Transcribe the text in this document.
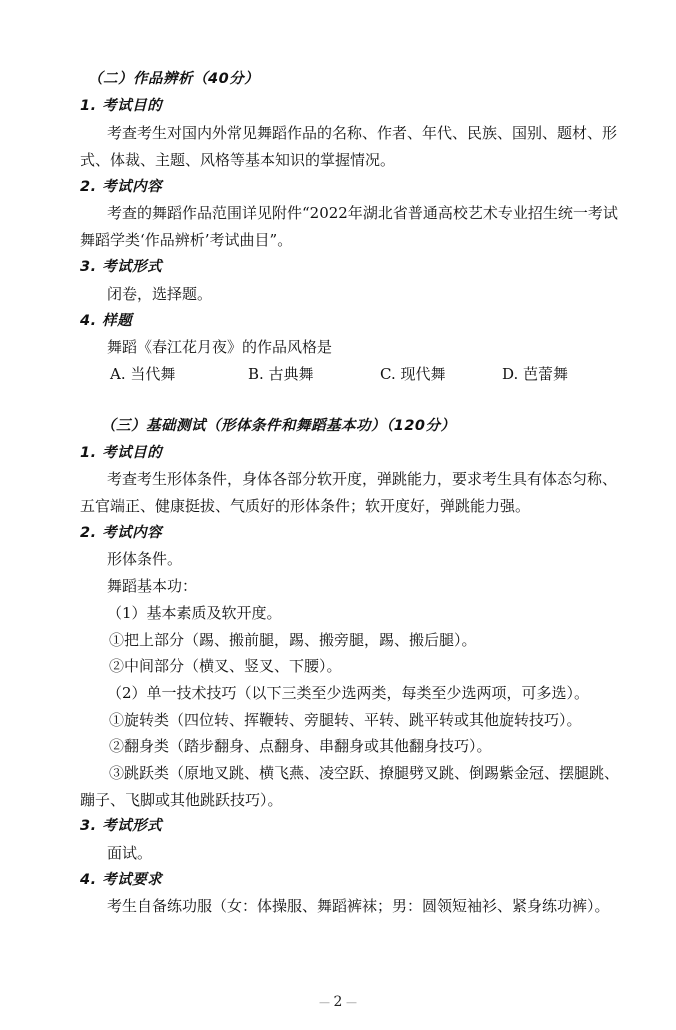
（二）作品辨析（40分）
1. 考试目的
考查考生对国内外常见舞蹈作品的名称、作者、年代、民族、国别、题材、形
式、体裁、主题、风格等基本知识的掌握情况。
2. 考试内容
考查的舞蹈作品范围详见附件“2022年湖北省普通高校艺术专业招生统一考试
舞蹈学类‘作品辨析’考试曲目”。
3. 考试形式
闭卷，选择题。
4. 样题
舞蹈《春江花月夜》的作品风格是
A. 当代舞	B. 古典舞	C. 现代舞	D. 芭蕾舞
（三）基础测试（形体条件和舞蹈基本功）（120分）
1. 考试目的
考查考生形体条件，身体各部分软开度，弹跳能力，要求考生具有体态匀称、
五官端正、健康挺拔、气质好的形体条件；软开度好，弹跳能力强。
2. 考试内容
形体条件。
舞蹈基本功：
（1）基本素质及软开度。
①把上部分（踢、搬前腿，踢、搬旁腿，踢、搬后腿）。
②中间部分（横叉、竖叉、下腰）。
（2）单一技术技巧（以下三类至少选两类，每类至少选两项，可多选）。
①旋转类（四位转、挥鞭转、旁腿转、平转、跳平转或其他旋转技巧）。
②翻身类（踏步翻身、点翻身、串翻身或其他翻身技巧）。
③跳跃类（原地叉跳、横飞燕、凌空跃、撩腿劈叉跳、倒踢紫金冠、摆腿跳、
蹦子、飞脚或其他跳跃技巧）。
3. 考试形式
面试。
4. 考试要求
考生自备练功服（女：体操服、舞蹈裤袜；男：圆领短袖衫、紧身练功裤）。
— 2 —
